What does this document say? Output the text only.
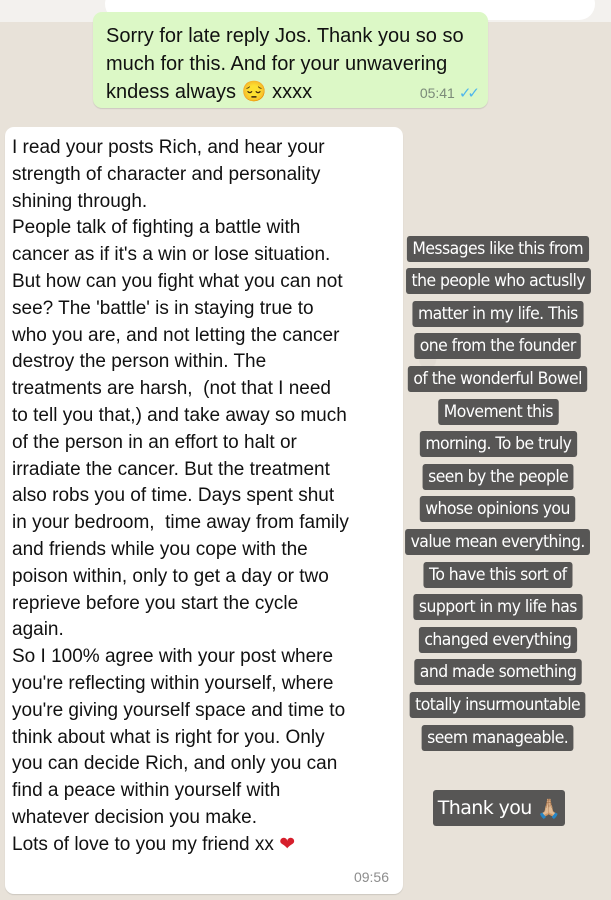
Sorry for late reply Jos. Thank you so so much for this. And for your unwavering kndess always 😔 xxxx	05:41 ✓✓
I read your posts Rich, and hear your
strength of character and personality
shining through.
People talk of fighting a battle with
cancer as if it's a win or lose situation.
But how can you fight what you can not
see? The 'battle' is in staying true to
who you are, and not letting the cancer
destroy the person within. The
treatments are harsh,  (not that I need
to tell you that,) and take away so much
of the person in an effort to halt or
irradiate the cancer. But the treatment
also robs you of time. Days spent shut
in your bedroom,  time away from family
and friends while you cope with the
poison within, only to get a day or two
reprieve before you start the cycle
again.
So I 100% agree with your post where
you're reflecting within yourself, where
you're giving yourself space and time to
think about what is right for you. Only
you can decide Rich, and only you can
find a peace within yourself with
whatever decision you make.
Lots of love to you my friend xx ❤
09:56
Messages like this from
the people who actuslly
matter in my life. This
one from the founder
of the wonderful Bowel
Movement this
morning. To be truly
seen by the people
whose opinions you
value mean everything.
To have this sort of
support in my life has
changed everything
and made something
totally insurmountable
seem manageable.
Thank you
🙏🏼
